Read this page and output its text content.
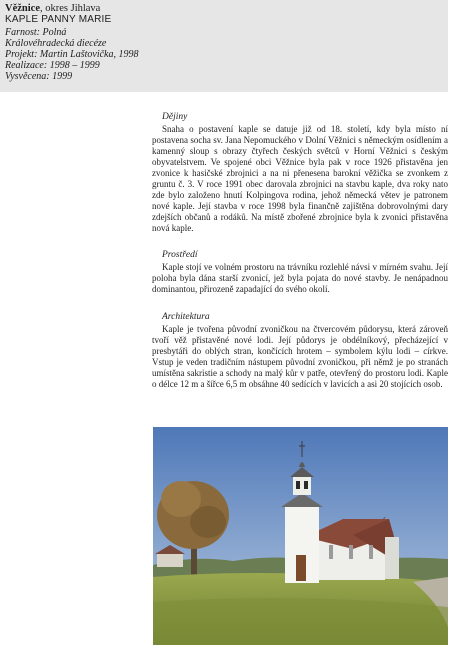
Věžnice, okres Jihlava
KAPLE PANNY MARIE
Farnost: Polná
Královéhradecká diecéze
Projekt: Martin Laštovička, 1998
Realizace: 1998 – 1999
Vysvěcena: 1999
Dějiny

Snaha o postavení kaple se datuje již od 18. století, kdy byla místo ní postavena socha sv. Jana Nepomuckého v Dolní Věžnici s německým osídlením a kamenný sloup s obrazy čtyřech českých světců v Horní Věžnici s českým obyvatelstvem. Ve spojené obci Věžnice byla pak v roce 1926 přistavěna jen zvonice k hasičské zbrojnici a na ni přenesena barokní věžička se zvonkem z gruntu č. 3. V roce 1991 obec darovala zbrojnici na stavbu kaple, dva roky nato zde bylo založeno hnutí Kolpingova rodina, jehož německá větev je patronem nové kaple. Její stavba v roce 1998 byla finančně zajištěna dobrovolnými dary zdejších občanů a rodáků. Na místě zbořené zbrojnice byla k zvonici přistavěna nová kaple.

Prostředí

Kaple stojí ve volném prostoru na trávníku rozlehlé návsi v mírném svahu. Její poloha byla dána starší zvonicí, jež byla pojata do nové stavby. Je nenápadnou dominantou, přirozeně zapadající do svého okolí.

Architektura

Kaple je tvořena původní zvoničkou na čtvercovém půdorysu, která zároveň tvoří věž přistavěné nové lodi. Její půdorys je obdélníkový, přecházející v presbytáři do oblých stran, končících hrotem – symbolem kýlu lodi – církve. Vstup je veden tradičním nástupem původní zvoničkou, při němž je po stranách umístěna sakristie a schody na malý kůr v patře, otevřený do prostoru lodi. Kaple o délce 12 m a šířce 6,5 m obsáhne 40 sedících v lavicích a asi 20 stojících osob.
